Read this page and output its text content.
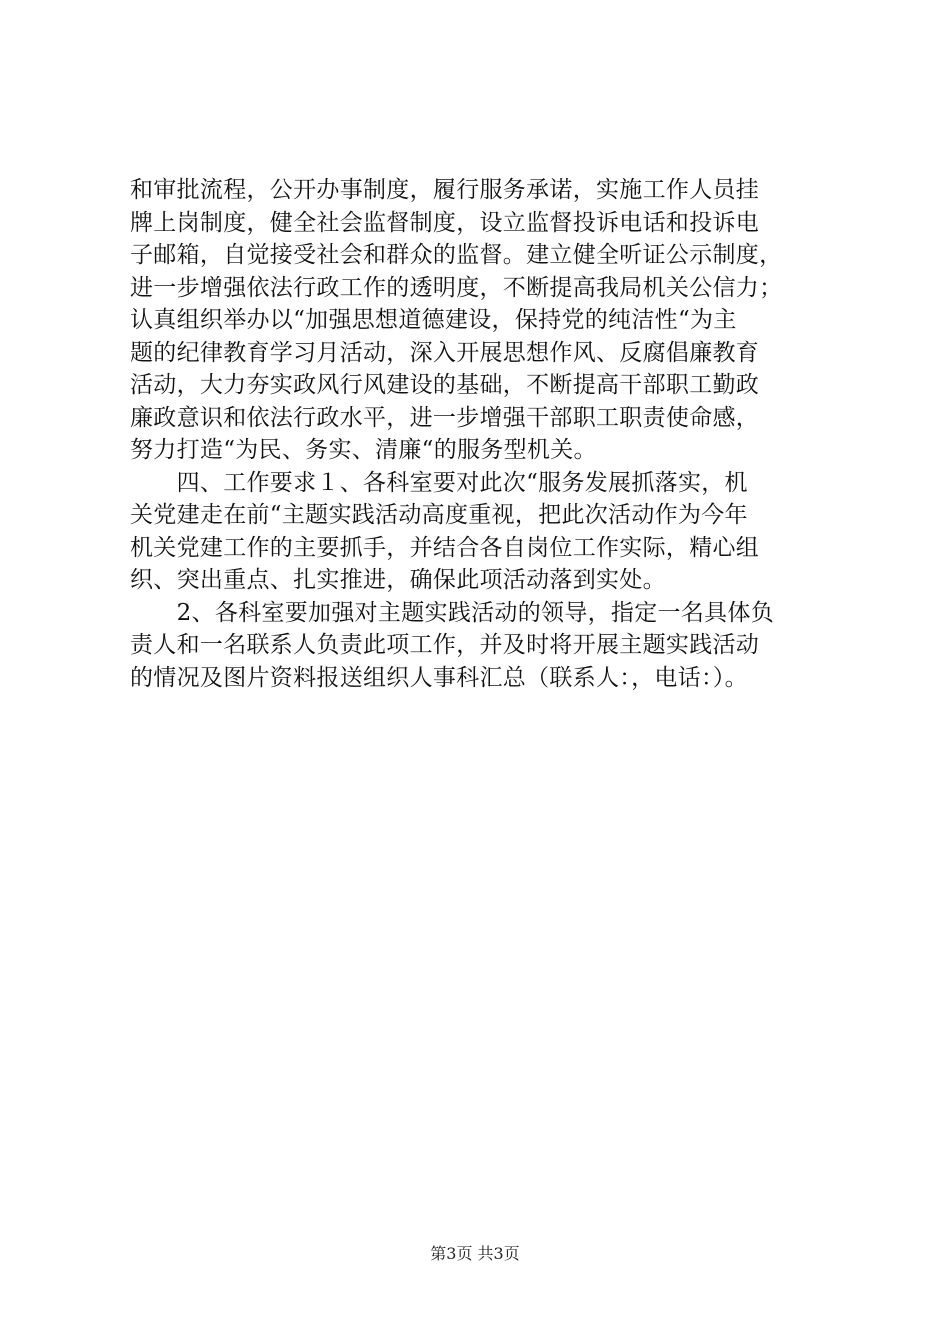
和审批流程，公开办事制度，履行服务承诺，实施工作人员挂
牌上岗制度，健全社会监督制度，设立监督投诉电话和投诉电
子邮箱，自觉接受社会和群众的监督。建立健全听证公示制度，
进一步增强依法行政工作的透明度，不断提高我局机关公信力；
认真组织举办以“加强思想道德建设，保持党的纯洁性“为主
题的纪律教育学习月活动，深入开展思想作风、反腐倡廉教育
活动，大力夯实政风行风建设的基础，不断提高干部职工勤政
廉政意识和依法行政水平，进一步增强干部职工职责使命感，
努力打造“为民、务实、清廉“的服务型机关。
　　四、工作要求１、各科室要对此次“服务发展抓落实，机
关党建走在前“主题实践活动高度重视，把此次活动作为今年
机关党建工作的主要抓手，并结合各自岗位工作实际，精心组
织、突出重点、扎实推进，确保此项活动落到实处。
　　2、各科室要加强对主题实践活动的领导，指定一名具体负
责人和一名联系人负责此项工作，并及时将开展主题实践活动
的情况及图片资料报送组织人事科汇总（联系人：，电话：）。
第3页 共3页
